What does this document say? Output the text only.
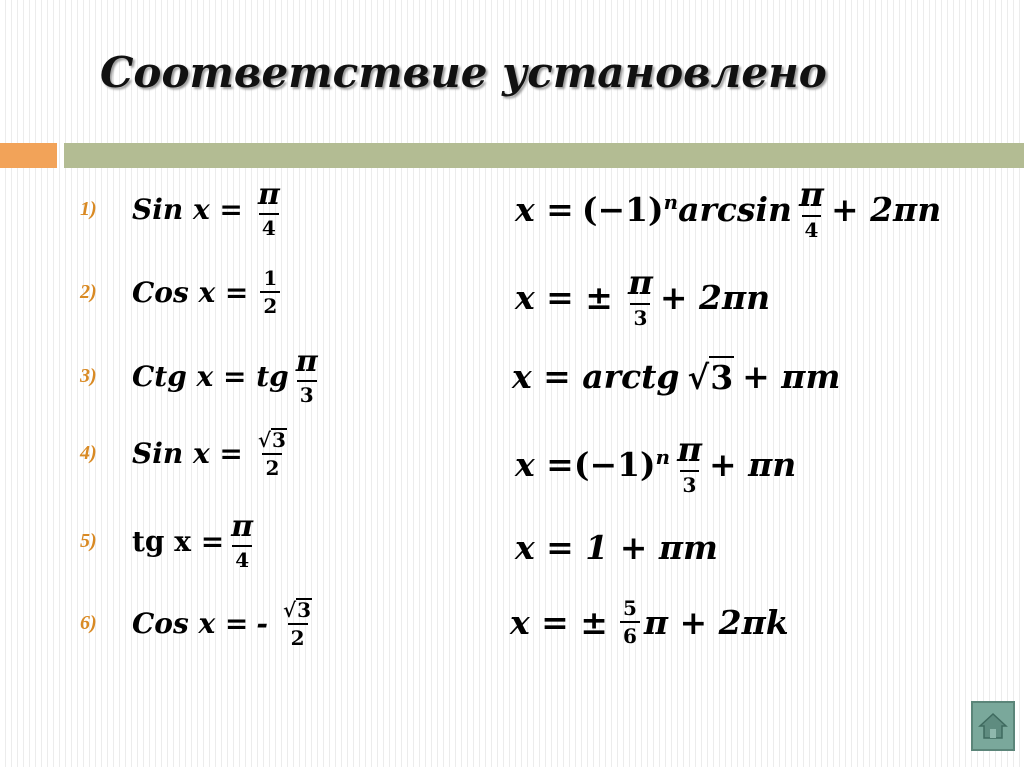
Соответствие установлено
1)	Sin $x = \frac{\pi}{4}$	$x = (-1)^n$ $\arcsin \frac{\pi}{4} + 2\pi n$
2)	Cos $x = \frac{1}{2}$	x = ± $\frac{\pi}{3} + 2\pi n$
3)	Ctg x = tg $\frac{\pi}{3}$	x = arctg √ 3 + πm
4)	Sin $x = \frac{√ 3}{2}$	$x = (-1)^n \frac{\pi}{3} + \pi n$
5)	tg $x = \frac{\pi}{4}$	x = 1 + πm
6)	Cos x = - $\frac{√ 3}{2}$	x = ± $\frac{5}{6}$ π + 2πk
